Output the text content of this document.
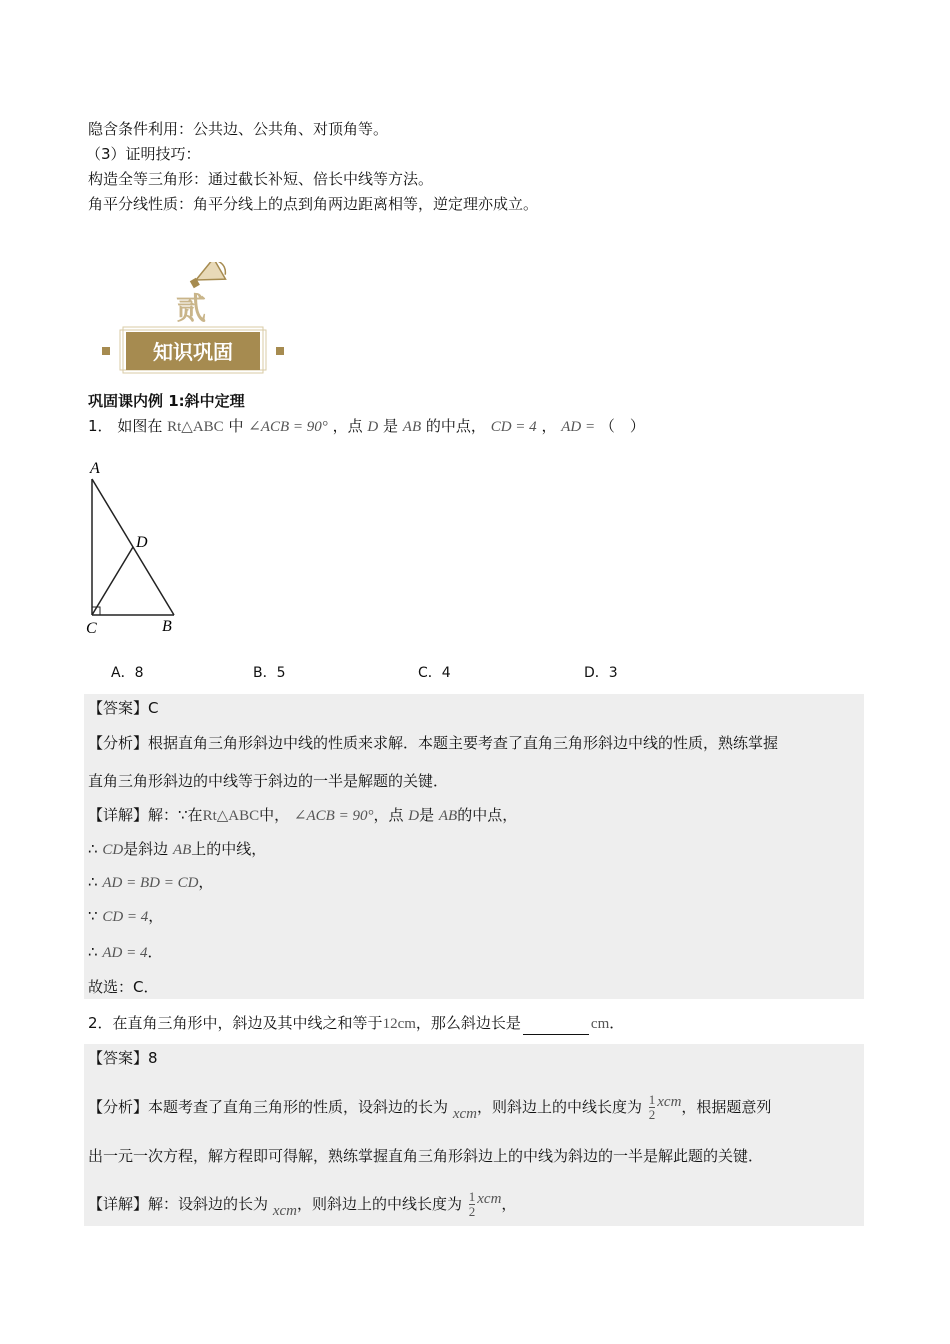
隐含条件利用：公共边、公共角、对顶角等。
（3）证明技巧：
构造全等三角形：通过截长补短、倍长中线等方法。
角平分线性质：角平分线上的点到角两边距离相等，逆定理亦成立。
贰
知识巩固
巩固课内例 1:斜中定理
1． 如图在 Rt△ABC 中 ∠ACB = 90° ，点 D 是 AB 的中点， CD = 4 ， AD = （　）
A
D
C	B
A．8	B．5	C．4	D．3
【答案】C
【分析】根据直角三角形斜边中线的性质来求解．本题主要考查了直角三角形斜边中线的性质，熟练掌握
直角三角形斜边的中线等于斜边的一半是解题的关键．
【详解】解：∵在Rt△ABC中， ∠ACB = 90°，点 D是 AB的中点，
∴ CD是斜边 AB上的中线，
∴ AD = BD = CD，
∵ CD = 4，
∴ AD = 4．
故选：C．
2．在直角三角形中，斜边及其中线之和等于12cm，那么斜边长是	cm．
【答案】8
【分析】本题考查了直角三角形的性质，设斜边的长为 xcm，则斜边上的中线长度为 $\frac{1}{2}$ xcm，根据题意列
出一元一次方程，解方程即可得解，熟练掌握直角三角形斜边上的中线为斜边的一半是解此题的关键．
【详解】解：设斜边的长为 xcm，则斜边上的中线长度为 $\frac{1}{2}$ xcm，
